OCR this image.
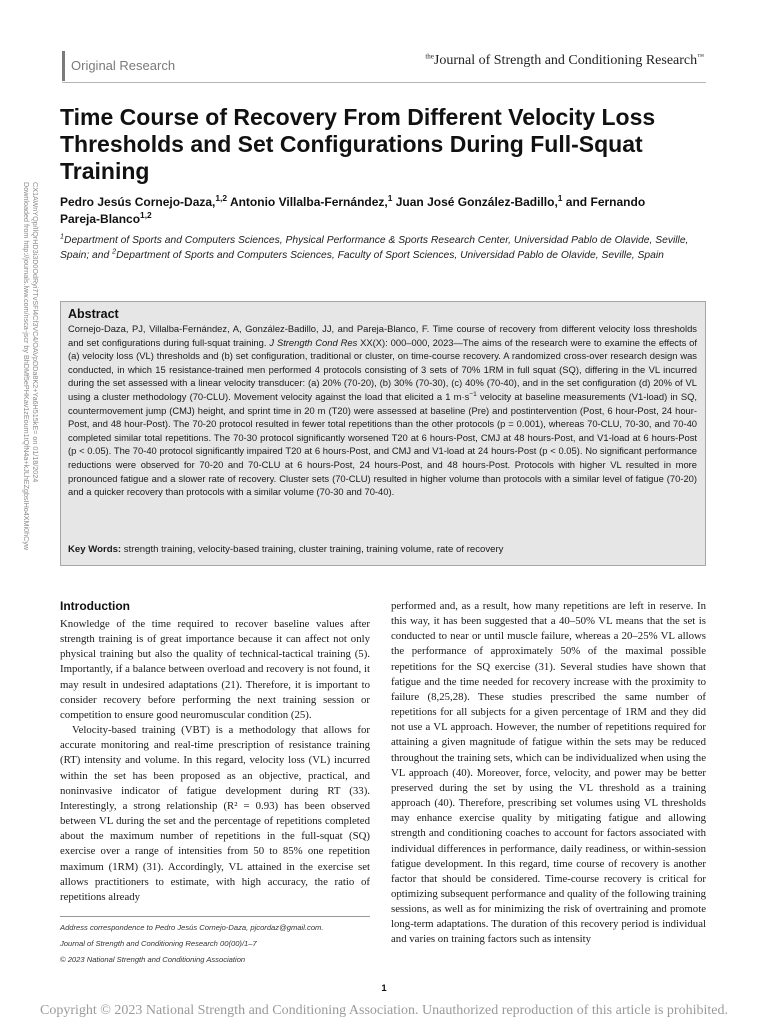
Original Research
$^{the}$Journal of Strength and Conditioning Research™
Time Course of Recovery From Different Velocity Loss Thresholds and Set Configurations During Full-Squat Training
Pedro Jesús Cornejo-Daza,$^{1,2}$ Antonio Villalba-Fernández,$^1$ Juan José González-Badillo,$^1$ and Fernando Pareja-Blanco$^{1,2}$
$^1$Department of Sports and Computers Sciences, Physical Performance & Sports Research Center, Universidad Pablo de Olavide, Seville, Spain; and $^2$Department of Sports and Computers Sciences, Faculty of Sport Sciences, Universidad Pablo de Olavide, Seville, Spain
Abstract
Cornejo-Daza, PJ, Villalba-Fernández, A, González-Badillo, JJ, and Pareja-Blanco, F. Time course of recovery from different velocity loss thresholds and set configurations during full-squat training. J Strength Cond Res XX(X): 000–000, 2023—The aims of the research were to examine the effects of (a) velocity loss (VL) thresholds and (b) set configuration, traditional or cluster, on time-course recovery. A randomized cross-over research design was conducted, in which 15 resistance-trained men performed 4 protocols consisting of 3 sets of 70% 1RM in full squat (SQ), differing in the VL incurred during the set assessed with a linear velocity transducer: (a) 20% (70-20), (b) 30% (70-30), (c) 40% (70-40), and in the set configuration (d) 20% of VL using a cluster methodology (70-CLU). Movement velocity against the load that elicited a 1 $m\cdot s^{-1}$ velocity at baseline measurements (V1-load) in SQ, countermovement jump (CMJ) height, and sprint time in 20 m (T20) were assessed at baseline (Pre) and postintervention (Post, 6 hour-Post, 24 hour-Post, and 48 hour-Post). The 70-20 protocol resulted in fewer total repetitions than the other protocols (p = 0.001), whereas 70-CLU, 70-30, and 70-40 completed similar total repetitions. The 70-30 protocol significantly worsened T20 at 6 hours-Post, CMJ at 48 hours-Post, and V1-load at 6 hours-Post (p < 0.05). The 70-40 protocol significantly impaired T20 at 6 hours-Post, and CMJ and V1-load at 24 hours-Post (p < 0.05). No significant performance reductions were observed for 70-20 and 70-CLU at 6 hours-Post, 24 hours-Post, and 48 hours-Post. Protocols with higher VL resulted in more pronounced fatigue and a slower rate of recovery. Cluster sets (70-CLU) resulted in higher volume than protocols with a similar level of fatigue (70-20) and a quicker recovery than protocols with a similar volume (70-30 and 70-40).
Key Words: strength training, velocity-based training, cluster training, training volume, rate of recovery
Downloaded from http://journals.lww.com/nsca-jscr by BhDMf5ePHKav1zEoum1tQfN4a+kJLhEZgbsIHo4XMi0hCyw CX1AWnYQp/IlQrHD3i3D0OdRyi7TvSFl4Cf3VC4/OAVpDDa8K2+Ya6H515kE= on 01/18/2024
Introduction

Knowledge of the time required to recover baseline values after strength training is of great importance because it can affect not only physical training but also the quality of technical-tactical training (5). Importantly, if a balance between overload and recovery is not found, it may result in undesired adaptations (21). Therefore, it is important to consider recovery before performing the next training session or competition to ensure good neuromuscular condition (25).

Velocity-based training (VBT) is a methodology that allows for accurate monitoring and real-time prescription of resistance training (RT) intensity and volume. In this regard, velocity loss (VL) incurred within the set has been proposed as an objective, practical, and noninvasive indicator of fatigue development during RT (33). Interestingly, a strong relationship (R² = 0.93) has been observed between VL during the set and the percentage of repetitions completed about the maximum number of repetitions in the full-squat (SQ) exercise over a range of intensities from 50 to 85% one repetition maximum (1RM) (31). Accordingly, VL attained in the exercise set allows practitioners to estimate, with high accuracy, the ratio of repetitions already

performed and, as a result, how many repetitions are left in reserve. In this way, it has been suggested that a 40–50% VL means that the set is conducted to near or until muscle failure, whereas a 20–25% VL allows the performance of approximately 50% of the maximal possible repetitions for the SQ exercise (31). Several studies have shown that fatigue and the time needed for recovery increase with the proximity to failure (8,25,28). These studies prescribed the same number of repetitions for all subjects for a given percentage of 1RM and they did not use a VL approach. However, the number of repetitions required for attaining a given magnitude of fatigue within the sets may be reduced throughout the training sets, which can be individualized when using the VL approach (40). Moreover, force, velocity, and power may be better preserved during the set by using the VL threshold as a training approach (40). Therefore, prescribing set volumes using VL thresholds may enhance exercise quality by mitigating fatigue and allowing strength and conditioning coaches to account for factors associated with individual differences in performance, daily readiness, or within-session fatigue development. In this regard, time course of recovery is another factor that should be considered. Time-course recovery is critical for optimizing subsequent performance and quality of the following training sessions, as well as for minimizing the risk of overtraining and promote long-term adaptations. The duration of this recovery period is individual and varies on training factors such as intensity

Address correspondence to Pedro Jesús Cornejo-Daza, pjcordaz@gmail.com.
Journal of Strength and Conditioning Research 00(00)/1–7
© 2023 National Strength and Conditioning Association
1
Copyright © 2023 National Strength and Conditioning Association. Unauthorized reproduction of this article is prohibited.
